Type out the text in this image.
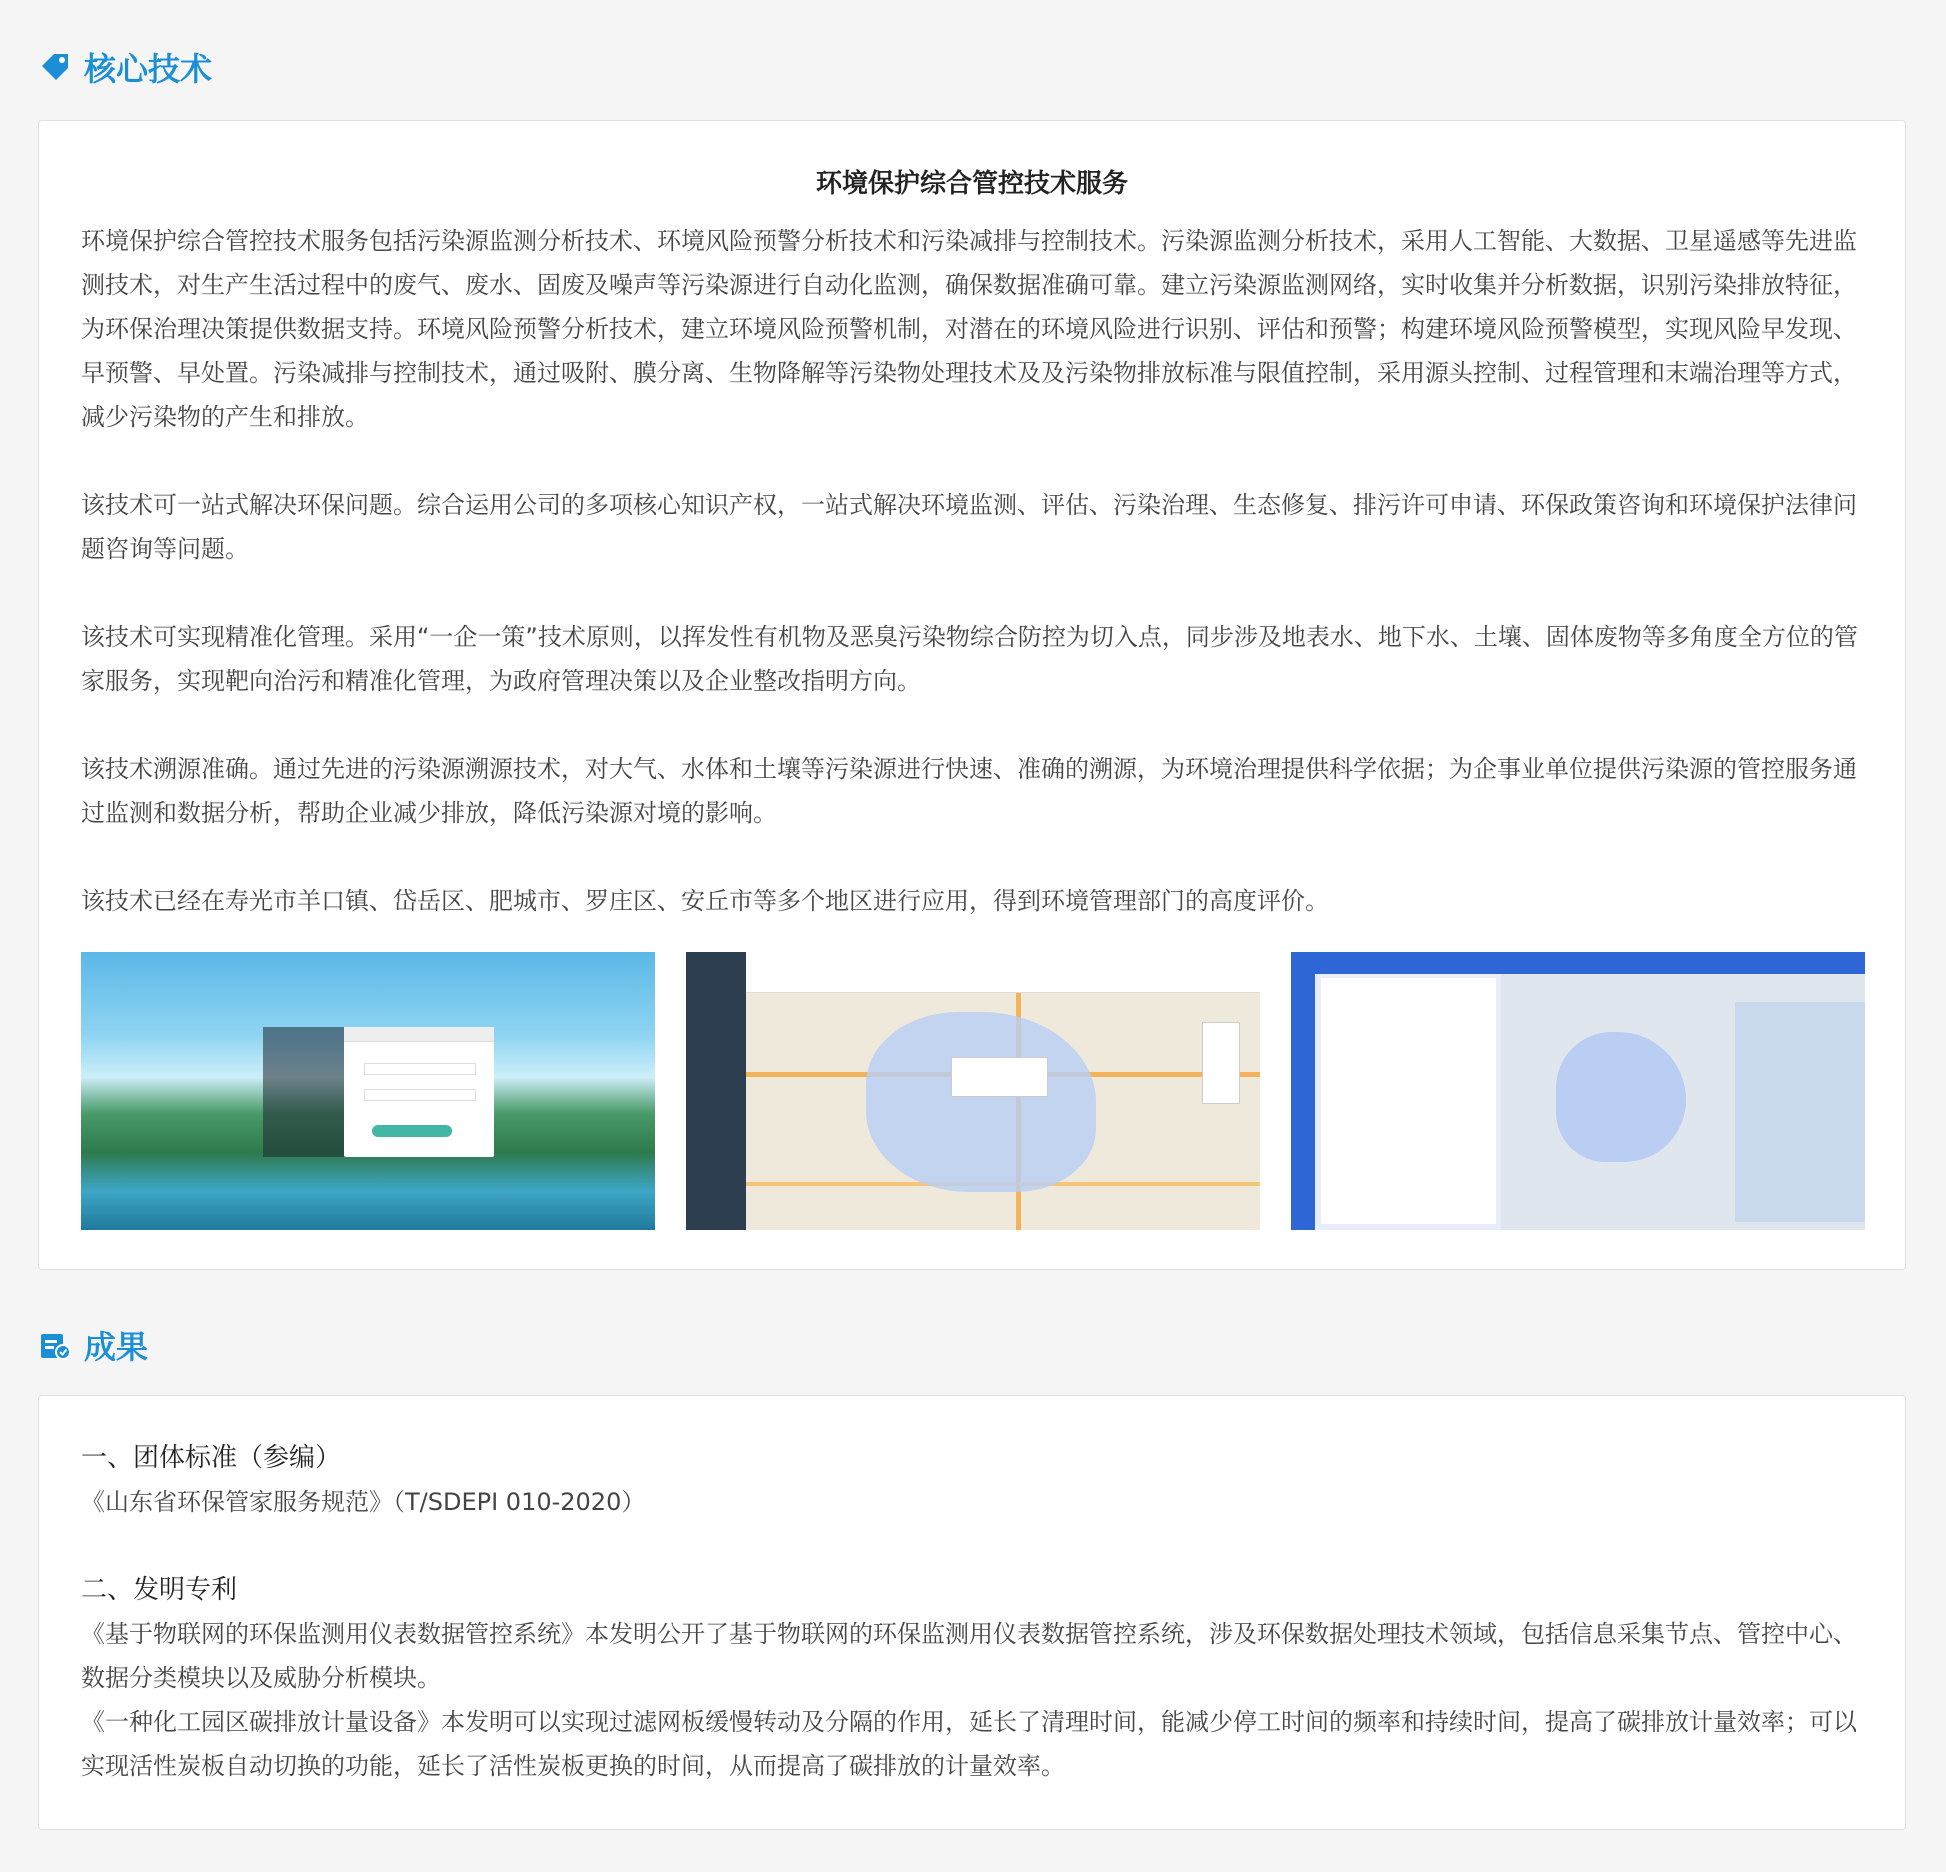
核心技术
环境保护综合管控技术服务

环境保护综合管控技术服务包括污染源监测分析技术、环境风险预警分析技术和污染减排与控制技术。污染源监测分析技术，采用人工智能、大数据、卫星遥感等先进监测技术，对生产生活过程中的废气、废水、固废及噪声等污染源进行自动化监测，确保数据准确可靠。建立污染源监测网络，实时收集并分析数据，识别污染排放特征，为环保治理决策提供数据支持。环境风险预警分析技术，建立环境风险预警机制，对潜在的环境风险进行识别、评估和预警；构建环境风险预警模型，实现风险早发现、早预警、早处置。污染减排与控制技术，通过吸附、膜分离、生物降解等污染物处理技术及及污染物排放标准与限值控制，采用源头控制、过程管理和末端治理等方式，减少污染物的产生和排放。

该技术可一站式解决环保问题。综合运用公司的多项核心知识产权，一站式解决环境监测、评估、污染治理、生态修复、排污许可申请、环保政策咨询和环境保护法律问题咨询等问题。

该技术可实现精准化管理。采用“一企一策”技术原则，以挥发性有机物及恶臭污染物综合防控为切入点，同步涉及地表水、地下水、土壤、固体废物等多角度全方位的管家服务，实现靶向治污和精准化管理，为政府管理决策以及企业整改指明方向。

该技术溯源准确。通过先进的污染源溯源技术，对大气、水体和土壤等污染源进行快速、准确的溯源，为环境治理提供科学依据；为企事业单位提供污染源的管控服务通过监测和数据分析，帮助企业减少排放，降低污染源对境的影响。

该技术已经在寿光市羊口镇、岱岳区、肥城市、罗庄区、安丘市等多个地区进行应用，得到环境管理部门的高度评价。

成果
一、团体标准（参编）
《山东省环保管家服务规范》（T/SDEPI 010-2020）
二、发明专利
《基于物联网的环保监测用仪表数据管控系统》本发明公开了基于物联网的环保监测用仪表数据管控系统，涉及环保数据处理技术领域，包括信息采集节点、管控中心、数据分类模块以及威胁分析模块。
《一种化工园区碳排放计量设备》本发明可以实现过滤网板缓慢转动及分隔的作用，延长了清理时间，能减少停工时间的频率和持续时间，提高了碳排放计量效率；可以实现活性炭板自动切换的功能，延长了活性炭板更换的时间，从而提高了碳排放的计量效率。
